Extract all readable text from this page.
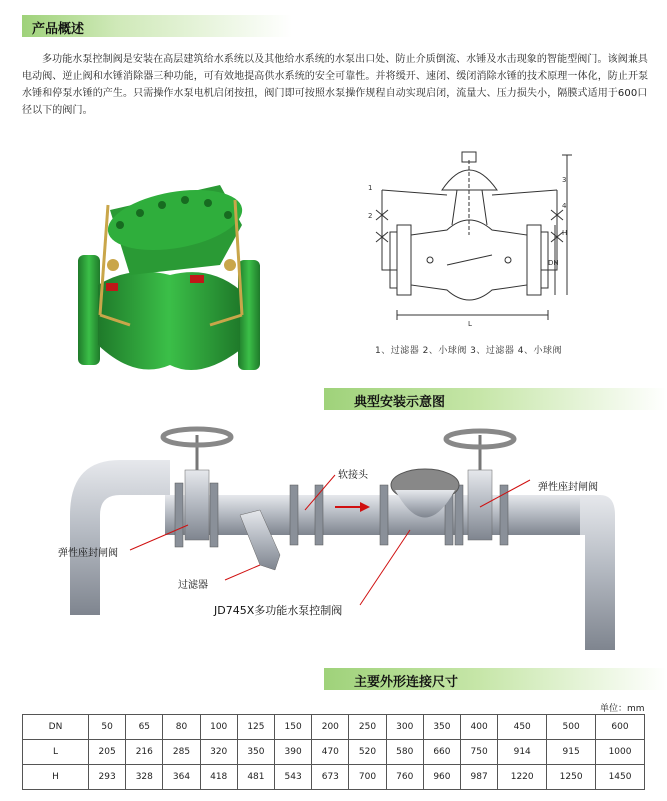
产品概述

多功能水泵控制阀是安装在高层建筑给水系统以及其他给水系统的水泵出口处、防止介质倒流、水锤及水击现象的智能型阀门。该阀兼具电动阀、逆止阀和水锤消除器三种功能，可有效地提高供水系统的安全可靠性。并将缓开、速闭、缓闭消除水锤的技术原理一体化，防止开泵水锤和停泵水锤的产生。只需操作水泵电机启闭按扭，阀门即可按照水泵操作规程自动实现启闭，流量大、压力损失小，隔膜式适用于600口径以下的阀门。

1
2
3
4
H
DN
L
1、过滤器 2、小球阀 3、过滤器 4、小球阀
典型安装示意图
软接头
弹性座封闸阀
弹性座封闸阀
过滤器
JD745X多功能水泵控制阀
主要外形连接尺寸
单位：mm
DN	50	65	80	100	125	150	200	250	300	350	400	450	500	600
L	205	216	285	320	350	390	470	520	580	660	750	914	915	1000
H	293	328	364	418	481	543	673	700	760	960	987	1220	1250	1450
